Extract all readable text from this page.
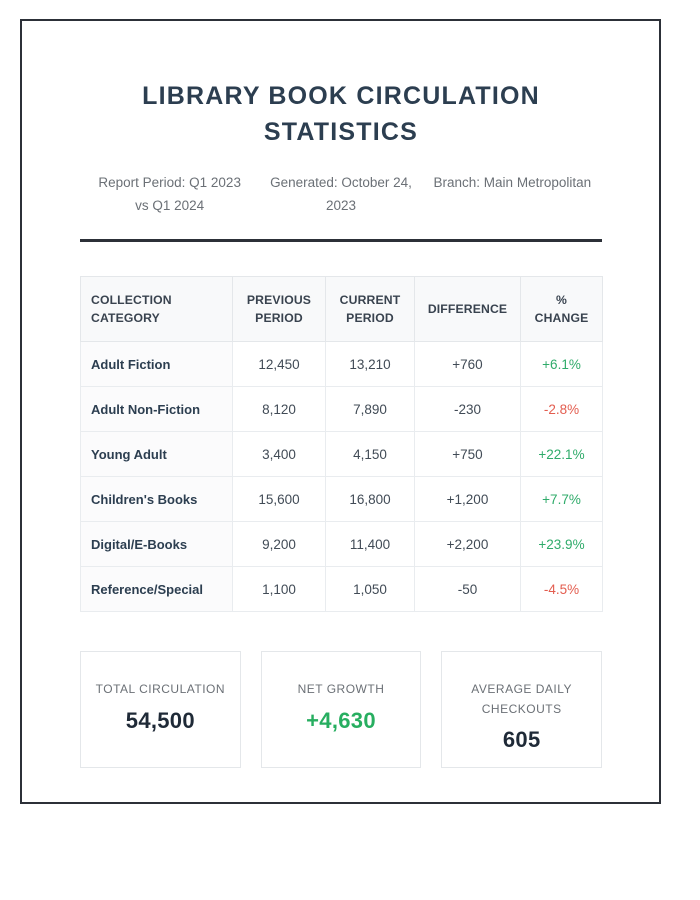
LIBRARY BOOK CIRCULATION STATISTICS
Report Period: Q1 2023 vs Q1 2024
Generated: October 24, 2023
Branch: Main Metropolitan
COLLECTION CATEGORY	PREVIOUS PERIOD	CURRENT PERIOD	DIFFERENCE	% CHANGE
Adult Fiction	12,450	13,210	+760	+6.1%
Adult Non-Fiction	8,120	7,890	-230	-2.8%
Young Adult	3,400	4,150	+750	+22.1%
Children's Books	15,600	16,800	+1,200	+7.7%
Digital/E-Books	9,200	11,400	+2,200	+23.9%
Reference/Special	1,100	1,050	-50	-4.5%
TOTAL CIRCULATION
54,500
NET GROWTH
+4,630
AVERAGE DAILY CHECKOUTS
605
